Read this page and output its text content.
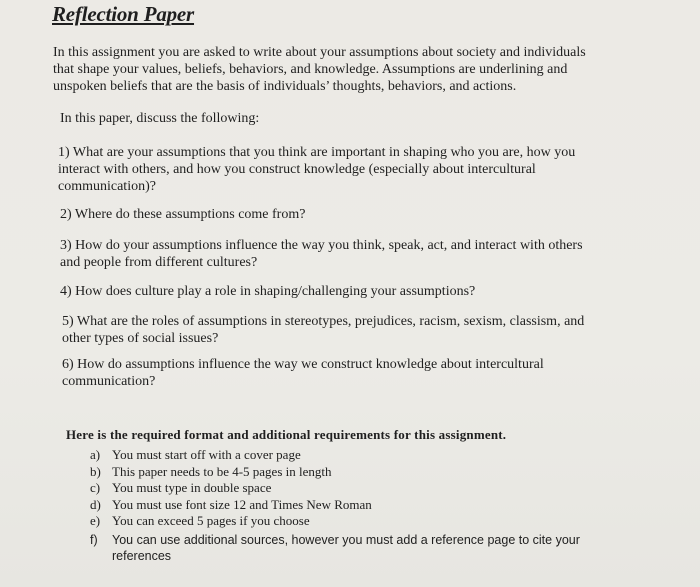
Reflection Paper

In this assignment you are asked to write about your assumptions about society and individuals
that shape your values, beliefs, behaviors, and knowledge. Assumptions are underlining and
unspoken beliefs that are the basis of individuals’ thoughts, behaviors, and actions.

In this paper, discuss the following:

1) What are your assumptions that you think are important in shaping who you are, how you
interact with others, and how you construct knowledge (especially about intercultural
communication)?

2) Where do these assumptions come from?

3) How do your assumptions influence the way you think, speak, act, and interact with others
and people from different cultures?

4) How does culture play a role in shaping/challenging your assumptions?

5) What are the roles of assumptions in stereotypes, prejudices, racism, sexism, classism, and
other types of social issues?

6) How do assumptions influence the way we construct knowledge about intercultural
communication?

Here is the required format and additional requirements for this assignment.
a) You must start off with a cover page
b) This paper needs to be 4-5 pages in length
c) You must type in double space
d) You must use font size 12 and Times New Roman
e) You can exceed 5 pages if you choose
f) You can use additional sources, however you must add a reference page to cite your
references
